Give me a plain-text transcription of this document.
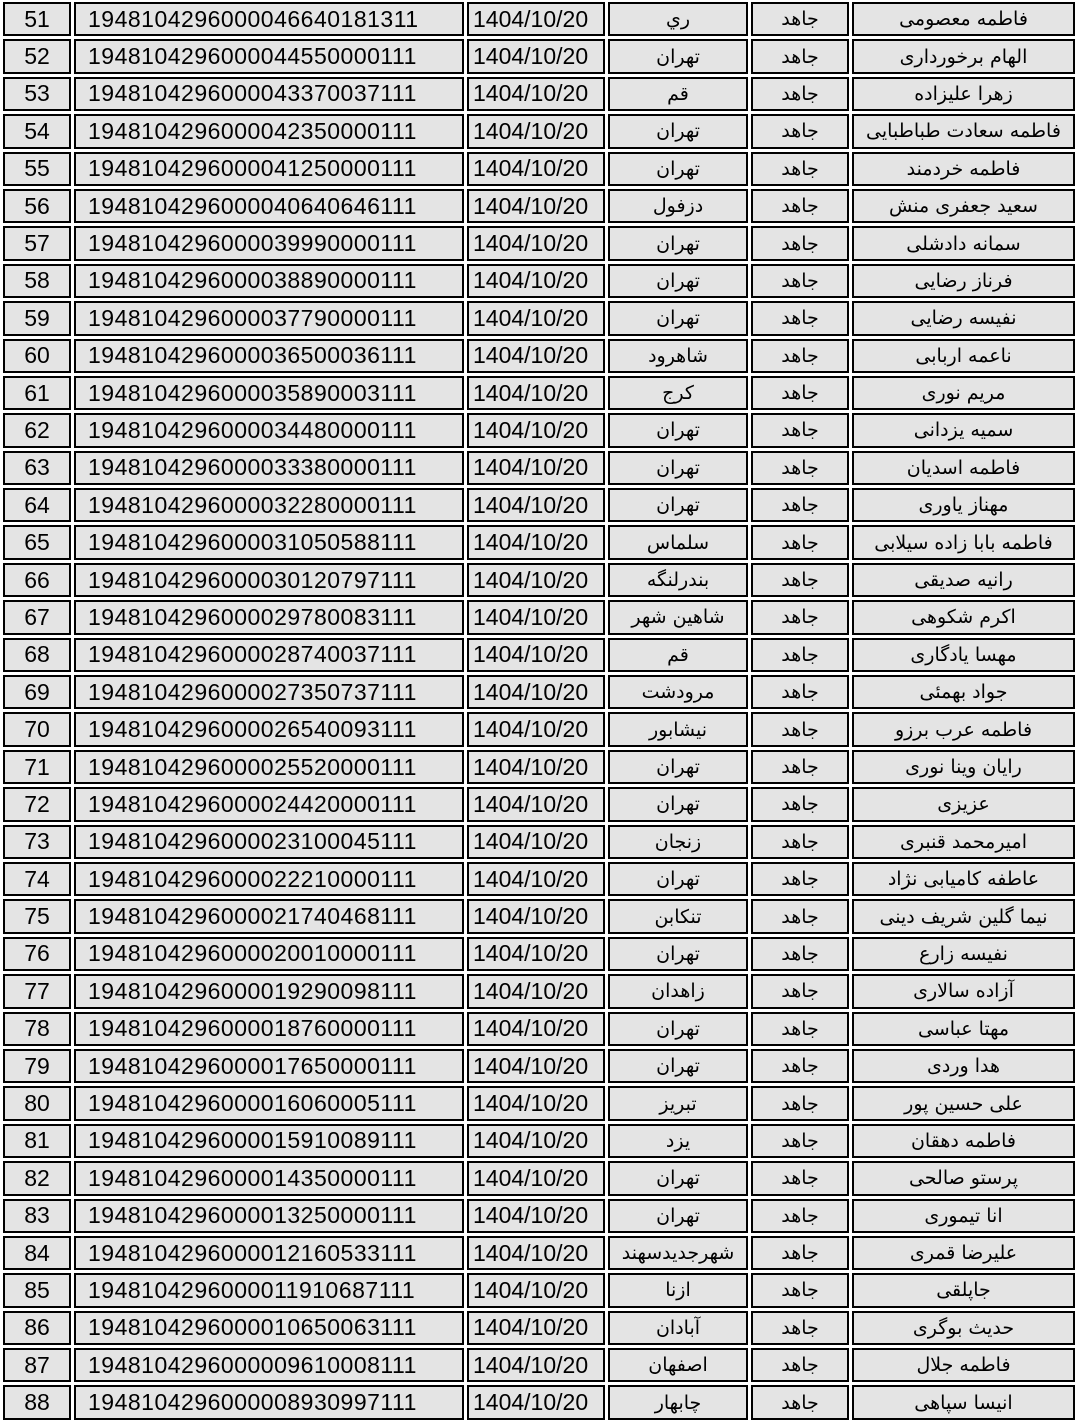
51	1948104296000046640181311	1404/10/20	ري	جاهد	فاطمه معصومی
52	1948104296000044550000111	1404/10/20	تهران	جاهد	الهام برخورداری
53	1948104296000043370037111	1404/10/20	قم	جاهد	زهرا علیزاده
54	1948104296000042350000111	1404/10/20	تهران	جاهد	فاطمه سعادت طباطبایی
55	1948104296000041250000111	1404/10/20	تهران	جاهد	فاطمه خردمند
56	1948104296000040640646111	1404/10/20	دزفول	جاهد	سعید جعفری منش
57	1948104296000039990000111	1404/10/20	تهران	جاهد	سمانه دادشلی
58	1948104296000038890000111	1404/10/20	تهران	جاهد	فرناز رضایی
59	1948104296000037790000111	1404/10/20	تهران	جاهد	نفیسه رضایی
60	1948104296000036500036111	1404/10/20	شاهرود	جاهد	ناعمه اربابی
61	1948104296000035890003111	1404/10/20	کرج	جاهد	مریم نوری
62	1948104296000034480000111	1404/10/20	تهران	جاهد	سمیه یزدانی
63	1948104296000033380000111	1404/10/20	تهران	جاهد	فاطمه اسدیان
64	1948104296000032280000111	1404/10/20	تهران	جاهد	مهناز یاوری
65	1948104296000031050588111	1404/10/20	سلماس	جاهد	فاطمه بابا زاده سیلابی
66	1948104296000030120797111	1404/10/20	بندرلنگه	جاهد	رانیه صدیقی
67	1948104296000029780083111	1404/10/20	شاهین شهر	جاهد	اکرم شکوهی
68	1948104296000028740037111	1404/10/20	قم	جاهد	مهسا یادگاری
69	1948104296000027350737111	1404/10/20	مرودشت	جاهد	جواد بهمئی
70	1948104296000026540093111	1404/10/20	نیشابور	جاهد	فاطمه عرب برزو
71	1948104296000025520000111	1404/10/20	تهران	جاهد	رایان وینا نوری
72	1948104296000024420000111	1404/10/20	تهران	جاهد	عزیزی
73	1948104296000023100045111	1404/10/20	زنجان	جاهد	امیرمحمد قنبری
74	1948104296000022210000111	1404/10/20	تهران	جاهد	عاطفه کامیابی نژاد
75	1948104296000021740468111	1404/10/20	تنکابن	جاهد	نیما گلین شریف دینی
76	1948104296000020010000111	1404/10/20	تهران	جاهد	نفیسه زارع
77	1948104296000019290098111	1404/10/20	زاهدان	جاهد	آزاده سالاری
78	1948104296000018760000111	1404/10/20	تهران	جاهد	مهتا عباسی
79	1948104296000017650000111	1404/10/20	تهران	جاهد	هدا وردی
80	1948104296000016060005111	1404/10/20	تبریز	جاهد	علی حسین پور
81	1948104296000015910089111	1404/10/20	یزد	جاهد	فاطمه دهقان
82	1948104296000014350000111	1404/10/20	تهران	جاهد	پرستو صالحی
83	1948104296000013250000111	1404/10/20	تهران	جاهد	انا تیموری
84	1948104296000012160533111	1404/10/20	شهرجدیدسهند	جاهد	علیرضا قمری
85	1948104296000011910687111	1404/10/20	ازنا	جاهد	جاپلقی
86	1948104296000010650063111	1404/10/20	آبادان	جاهد	حدیث بوگری
87	1948104296000009610008111	1404/10/20	اصفهان	جاهد	فاطمه جلال
88	1948104296000008930997111	1404/10/20	چابهار	جاهد	انیسا سپاهی
